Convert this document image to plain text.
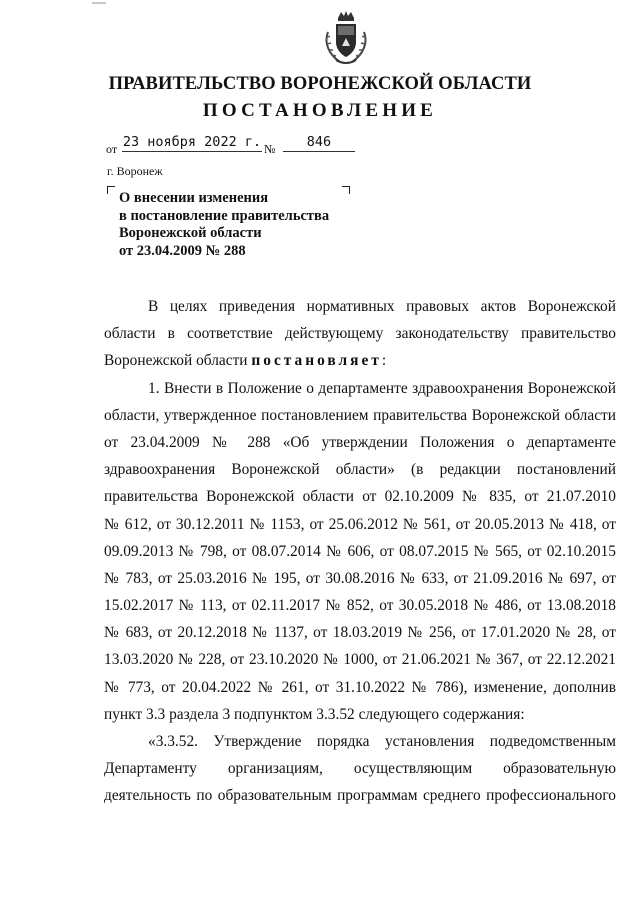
ПРАВИТЕЛЬСТВО ВОРОНЕЖСКОЙ ОБЛАСТИ
ПОСТАНОВЛЕНИЕ
от 23 ноября 2022 г. №	846
г. Воронеж
О внесении изменения
в постановление правительства
Воронежской области
от 23.04.2009 № 288
В целях приведения нормативных правовых актов Воронежской
области в соответствие действующему законодательству правительство
Воронежской области постановляет:
1. Внести в Положение о департаменте здравоохранения Воронежской
области, утвержденное постановлением правительства Воронежской области
от 23.04.2009 № 288 «Об утверждении Положения о департаменте
здравоохранения Воронежской области» (в редакции постановлений
правительства Воронежской области от 02.10.2009 № 835, от 21.07.2010
№ 612, от 30.12.2011 № 1153, от 25.06.2012 № 561, от 20.05.2013 № 418, от
09.09.2013 № 798, от 08.07.2014 № 606, от 08.07.2015 № 565, от 02.10.2015
№ 783, от 25.03.2016 № 195, от 30.08.2016 № 633, от 21.09.2016 № 697, от
15.02.2017 № 113, от 02.11.2017 № 852, от 30.05.2018 № 486, от 13.08.2018
№ 683, от 20.12.2018 № 1137, от 18.03.2019 № 256, от 17.01.2020 № 28, от
13.03.2020 № 228, от 23.10.2020 № 1000, от 21.06.2021 № 367, от 22.12.2021
№ 773, от 20.04.2022 № 261, от 31.10.2022 № 786), изменение, дополнив
пункт 3.3 раздела 3 подпунктом 3.3.52 следующего содержания:
«3.3.52. Утверждение порядка установления подведомственным
Департаменту организациям, осуществляющим образовательную
деятельность по образовательным программам среднего профессионального
